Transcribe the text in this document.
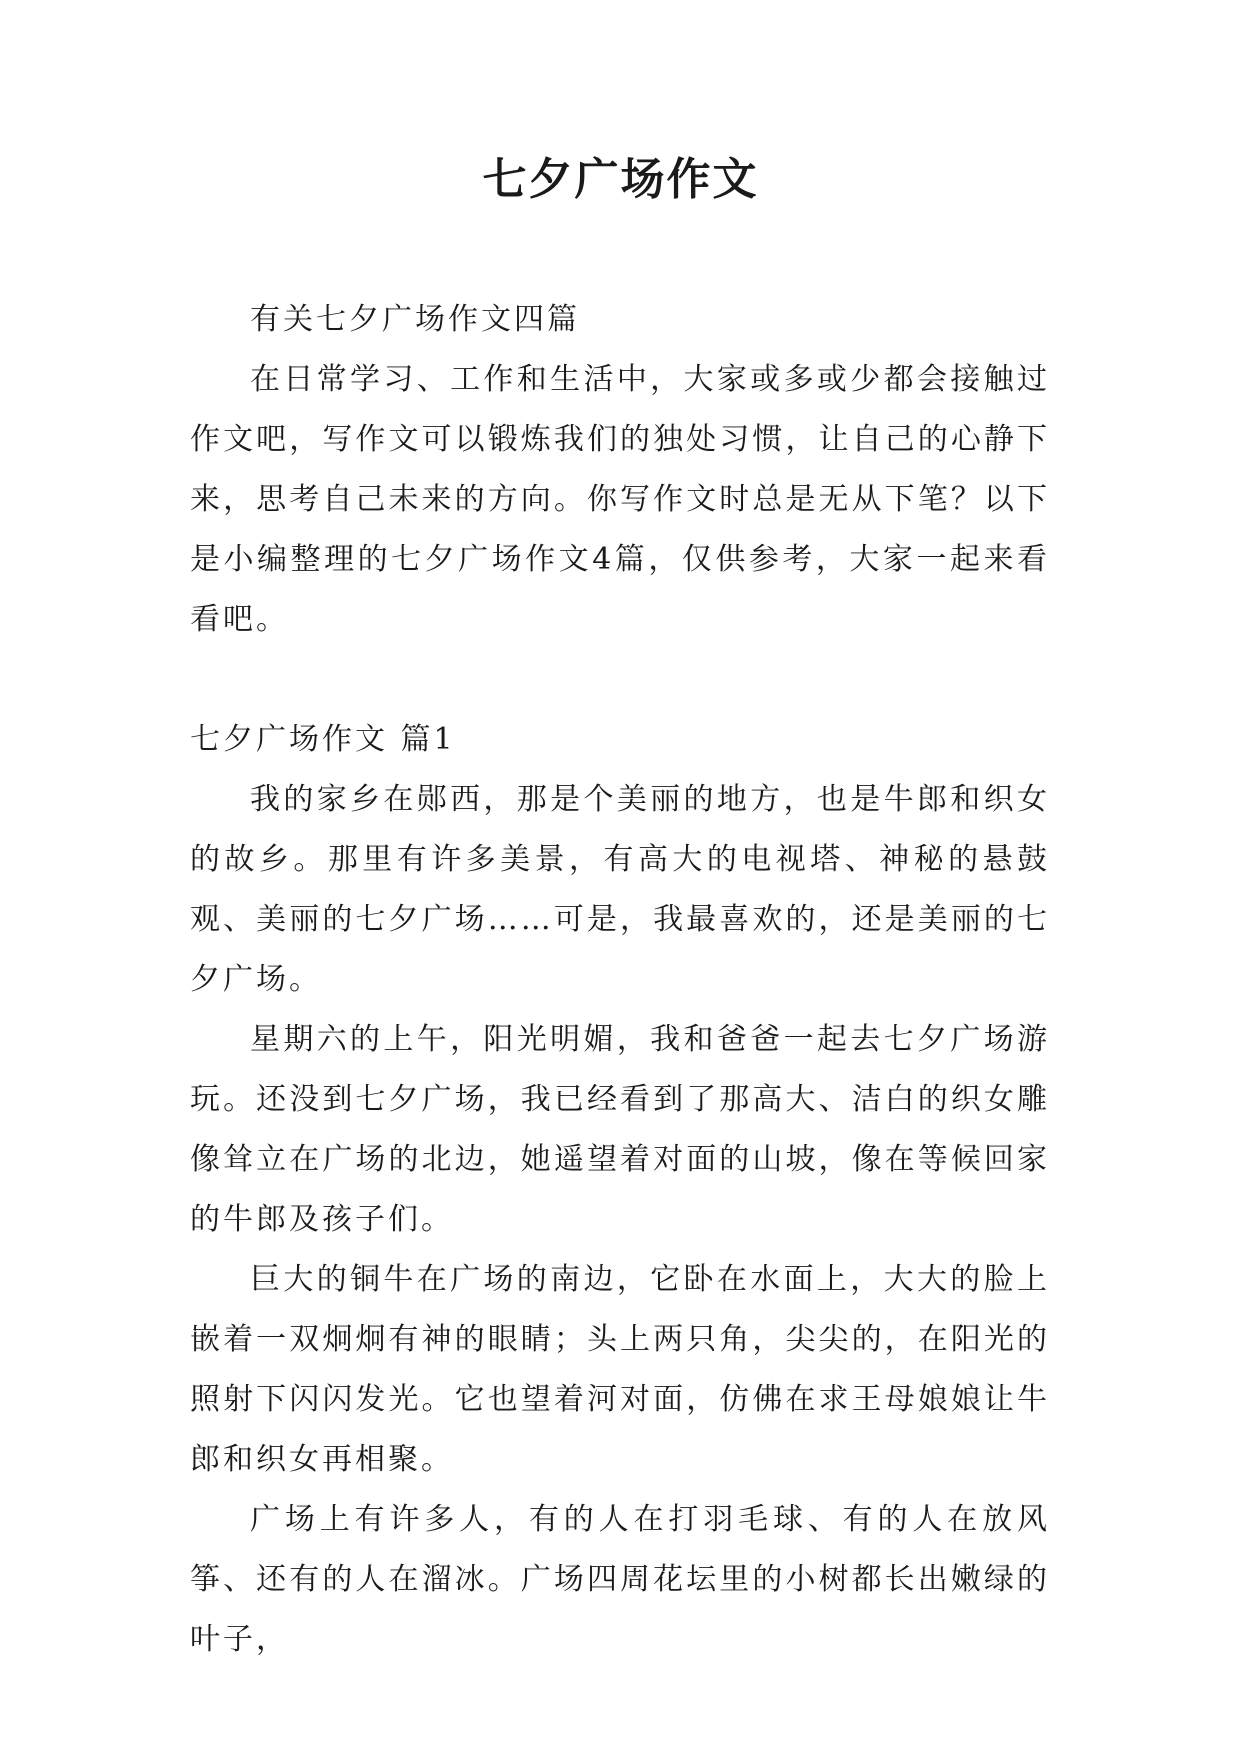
七夕广场作文

有关七夕广场作文四篇

在日常学习、工作和生活中，大家或多或少都会接触过作文吧，写作文可以锻炼我们的独处习惯，让自己的心静下来，思考自己未来的方向。你写作文时总是无从下笔？以下是小编整理的七夕广场作文4篇，仅供参考，大家一起来看看吧。

七夕广场作文 篇1

我的家乡在郧西，那是个美丽的地方，也是牛郎和织女的故乡。那里有许多美景，有高大的电视塔、神秘的悬鼓观、美丽的七夕广场……可是，我最喜欢的，还是美丽的七夕广场。

星期六的上午，阳光明媚，我和爸爸一起去七夕广场游玩。还没到七夕广场，我已经看到了那高大、洁白的织女雕像耸立在广场的北边，她遥望着对面的山坡，像在等候回家的牛郎及孩子们。

巨大的铜牛在广场的南边，它卧在水面上，大大的脸上嵌着一双炯炯有神的眼睛；头上两只角，尖尖的，在阳光的照射下闪闪发光。它也望着河对面，仿佛在求王母娘娘让牛郎和织女再相聚。

广场上有许多人，有的人在打羽毛球、有的人在放风筝、还有的人在溜冰。广场四周花坛里的小树都长出嫩绿的叶子，
